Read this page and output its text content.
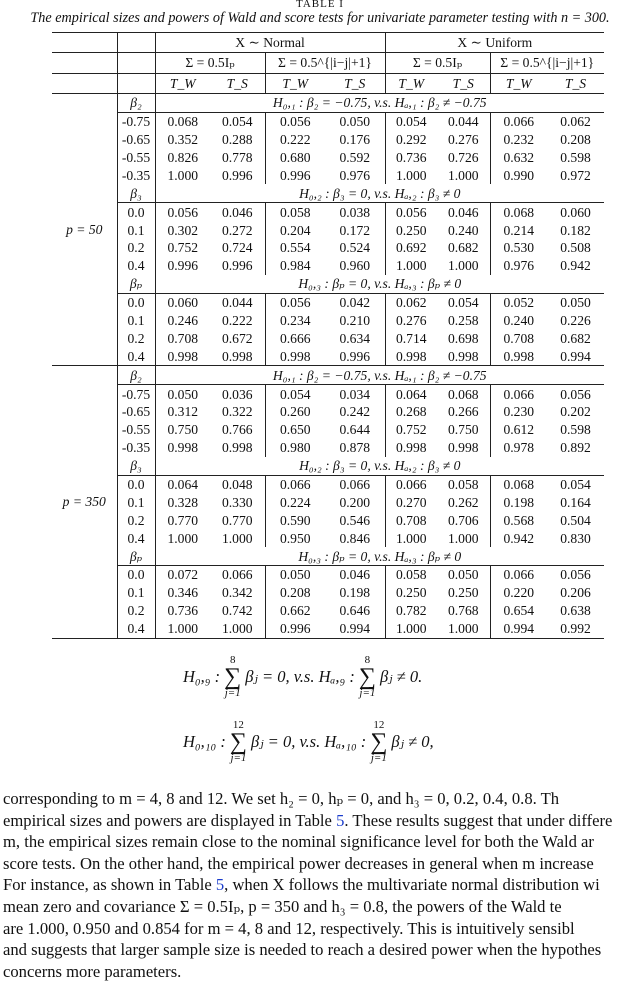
TABLE I
The empirical sizes and powers of Wald and score tests for univariate parameter testing with n = 300.
		X ∼ Normal				X ∼ Uniform			
		Σ = 0.5Iₚ		Σ = 0.5^{|i−j|+1}		Σ = 0.5Iₚ		Σ = 0.5^{|i−j|+1}	
		T_W	T_S	T_W	T_S	T_W	T_S	T_W	T_S
p = 50	β₂	H₀,₁ : β₂ = −0.75, v.s. Hₐ,₁ : β₂ ≠ −0.75							
	-0.75	0.068	0.054	0.056	0.050	0.054	0.044	0.066	0.062
	-0.65	0.352	0.288	0.222	0.176	0.292	0.276	0.232	0.208
	-0.55	0.826	0.778	0.680	0.592	0.736	0.726	0.632	0.598
	-0.35	1.000	0.996	0.996	0.976	1.000	1.000	0.990	0.972
	β₃	H₀,₂ : β₃ = 0, v.s. Hₐ,₂ : β₃ ≠ 0							
	0.0	0.056	0.046	0.058	0.038	0.056	0.046	0.068	0.060
	0.1	0.302	0.272	0.204	0.172	0.250	0.240	0.214	0.182
	0.2	0.752	0.724	0.554	0.524	0.692	0.682	0.530	0.508
	0.4	0.996	0.996	0.984	0.960	1.000	1.000	0.976	0.942
	βₚ	H₀,₃ : βₚ = 0, v.s. Hₐ,₃ : βₚ ≠ 0							
	0.0	0.060	0.044	0.056	0.042	0.062	0.054	0.052	0.050
	0.1	0.246	0.222	0.234	0.210	0.276	0.258	0.240	0.226
	0.2	0.708	0.672	0.666	0.634	0.714	0.698	0.708	0.682
	0.4	0.998	0.998	0.998	0.996	0.998	0.998	0.998	0.994
p = 350	β₂	H₀,₁ : β₂ = −0.75, v.s. Hₐ,₁ : β₂ ≠ −0.75							
	-0.75	0.050	0.036	0.054	0.034	0.064	0.068	0.066	0.056
	-0.65	0.312	0.322	0.260	0.242	0.268	0.266	0.230	0.202
	-0.55	0.750	0.766	0.650	0.644	0.752	0.750	0.612	0.598
	-0.35	0.998	0.998	0.980	0.878	0.998	0.998	0.978	0.892
	β₃	H₀,₂ : β₃ = 0, v.s. Hₐ,₂ : β₃ ≠ 0							
	0.0	0.064	0.048	0.066	0.066	0.066	0.058	0.068	0.054
	0.1	0.328	0.330	0.224	0.200	0.270	0.262	0.198	0.164
	0.2	0.770	0.770	0.590	0.546	0.708	0.706	0.568	0.504
	0.4	1.000	1.000	0.950	0.846	1.000	1.000	0.942	0.830
	βₚ	H₀,₃ : βₚ = 0, v.s. Hₐ,₃ : βₚ ≠ 0							
	0.0	0.072	0.066	0.050	0.046	0.058	0.050	0.066	0.056
	0.1	0.346	0.342	0.208	0.198	0.250	0.250	0.220	0.206
	0.2	0.736	0.742	0.662	0.646	0.782	0.768	0.654	0.638
	0.4	1.000	1.000	0.996	0.994	1.000	1.000	0.994	0.992
H₀,₉ :
8
∑
j=1
βⱼ = 0, v.s. Hₐ,₉ :
8
∑
j=1
βⱼ ≠ 0.
H₀,₁₀ :
12
∑
j=1
βⱼ = 0, v.s. Hₐ,₁₀ :
12
∑
j=1
βⱼ ≠ 0,
corresponding to m = 4, 8 and 12. We set h₂ = 0, hₚ = 0, and h₃ = 0, 0.2, 0.4, 0.8. Th
empirical sizes and powers are displayed in Table 5. These results suggest that under differe
m, the empirical sizes remain close to the nominal significance level for both the Wald ar
score tests. On the other hand, the empirical power decreases in general when m increase
For instance, as shown in Table 5, when X follows the multivariate normal distribution wi
mean zero and covariance Σ = 0.5Iₚ, p = 350 and h₃ = 0.8, the powers of the Wald te
are 1.000, 0.950 and 0.854 for m = 4, 8 and 12, respectively. This is intuitively sensibl
and suggests that larger sample size is needed to reach a desired power when the hypothes
concerns more parameters.
